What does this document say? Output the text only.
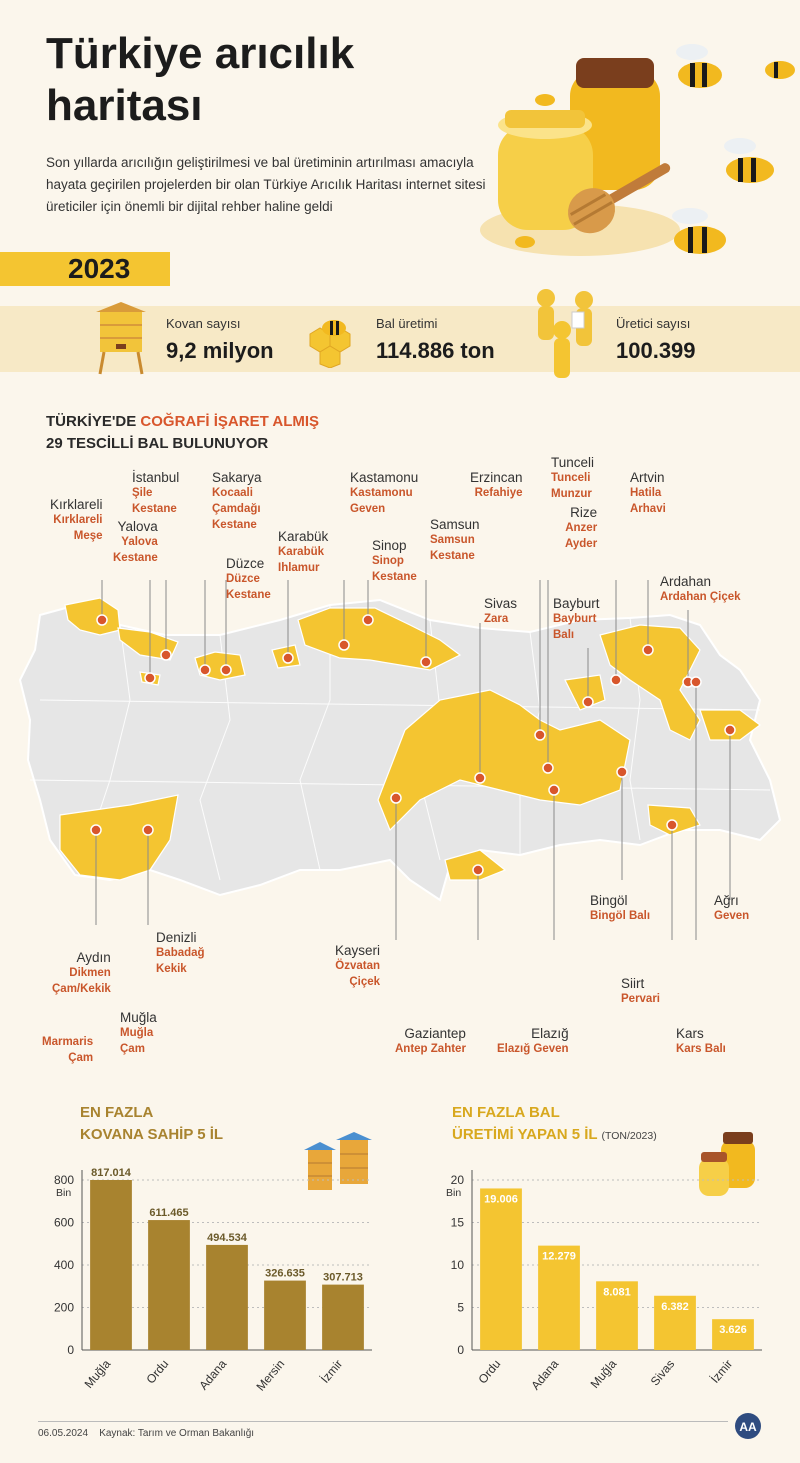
Türkiye arıcılık
haritası
Son yıllarda arıcılığın geliştirilmesi ve bal üretiminin artırılması amacıyla hayata geçirilen projelerden bir olan Türkiye Arıcılık Haritası internet sitesi üreticiler için önemli bir dijital rehber haline geldi
2023
Kovan sayısı
9,2 milyon
Bal üretimi
114.886 ton
Üretici sayısı
100.399
TÜRKİYE'DE COĞRAFİ İŞARET ALMIŞ
29 TESCİLLİ BAL BULUNUYOR
Kırklareli
Kırklareli
Meşe
İstanbul
Şile
Kestane
Yalova
Yalova
Kestane
Sakarya
Kocaali
Çamdağı
Kestane
Düzce
Düzce
Kestane
Karabük
Karabük
Ihlamur
Kastamonu
Kastamonu
Geven
Sinop
Sinop
Kestane
Samsun
Samsun
Kestane
Erzincan
Refahiye
Tunceli
Tunceli
Munzur
Rize
Anzer
Ayder
Artvin
Hatila
Arhavi
Sivas
Zara
Bayburt
Bayburt
Balı
Ardahan
Ardahan Çiçek
Aydın
Dikmen
Çam/Kekik
Denizli
Babadağ
Kekik
Muğla
Muğla
Çam
Marmaris
Çam
Kayseri
Özvatan
Çiçek
Gaziantep
Antep Zahter
Elazığ
Elazığ Geven
Bingöl
Bingöl Balı
Siirt
Pervari
Ağrı
Geven
Kars
Kars Balı
EN FAZLA
KOVANA SAHİP 5 İL
0
200
400
600
800
Bin
817.014
Muğla
611.465
Ordu
494.534
Adana
326.635
Mersin
307.713
İzmir
EN FAZLA BAL
ÜRETİMİ YAPAN 5 İL (TON/2023)
0
5
10
15
20
Bin
19.006
Ordu
12.279
Adana
8.081
Muğla
6.382
Sivas
3.626
İzmir
06.05.2024 Kaynak: Tarım ve Orman Bakanlığı	AA
